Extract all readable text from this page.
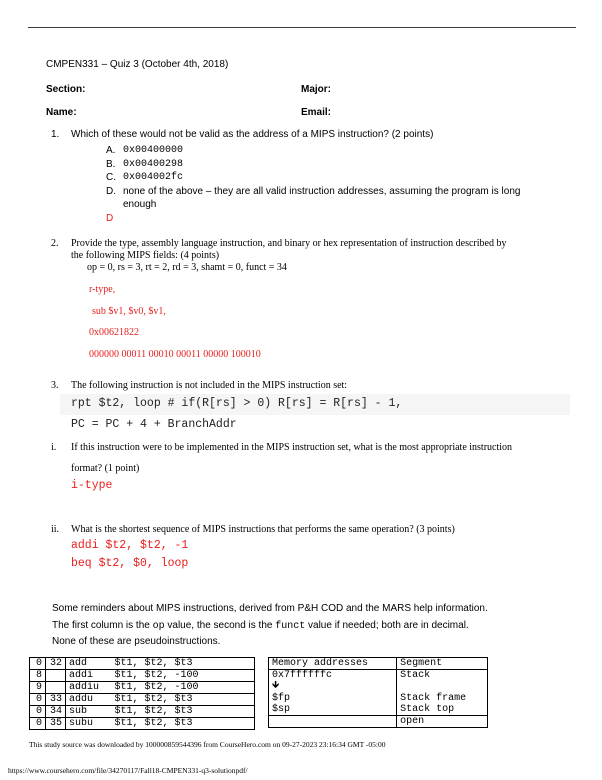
CMPEN331 – Quiz 3 (October 4th, 2018)
Section:	Major:
Name:	Email:
1. Which of these would not be valid as the address of a MIPS instruction? (2 points)
A. 0x00400000
B. 0x00400298
C. 0x004002fc
D. none of the above – they are all valid instruction addresses, assuming the program is long
enough
D
2. Provide the type, assembly language instruction, and binary or hex representation of instruction described by
the following MIPS fields: (4 points)
op = 0, rs = 3, rt = 2, rd = 3, shamt = 0, funct = 34
r-type,
sub $v1, $v0, $v1,
0x00621822
000000 00011 00010 00011 00000 100010
3. The following instruction is not included in the MIPS instruction set:
rpt $t2, loop # if(R[rs] > 0) R[rs] = R[rs] - 1,
PC = PC + 4 + BranchAddr
i. If this instruction were to be implemented in the MIPS instruction set, what is the most appropriate instruction
format? (1 point)
i-type
ii. What is the shortest sequence of MIPS instructions that performs the same operation? (3 points)
addi $t2, $t2, -1
beq $t2, $0, loop
Some reminders about MIPS instructions, derived from P&H COD and the MARS help information.
The first column is the op value, the second is the funct value if needed; both are in decimal.
None of these are pseudoinstructions.
0	32	add	$t1, $t2, $t3
8		addi	$t1, $t2, -100
9		addiu	$t1, $t2, -100
0	33	addu	$t1, $t2, $t3
0	34	sub	$t1, $t2, $t3
0	35	subu	$t1, $t2, $t3
Memory addresses	Segment
0x7ffffffc	Stack
🡻	
$fp	Stack frame
$sp	Stack top
	open
This study source was downloaded by 100000859544396 from CourseHero.com on 09-27-2023 23:16:34 GMT -05:00
https://www.coursehero.com/file/34270117/Fall18-CMPEN331-q3-solutionpdf/
